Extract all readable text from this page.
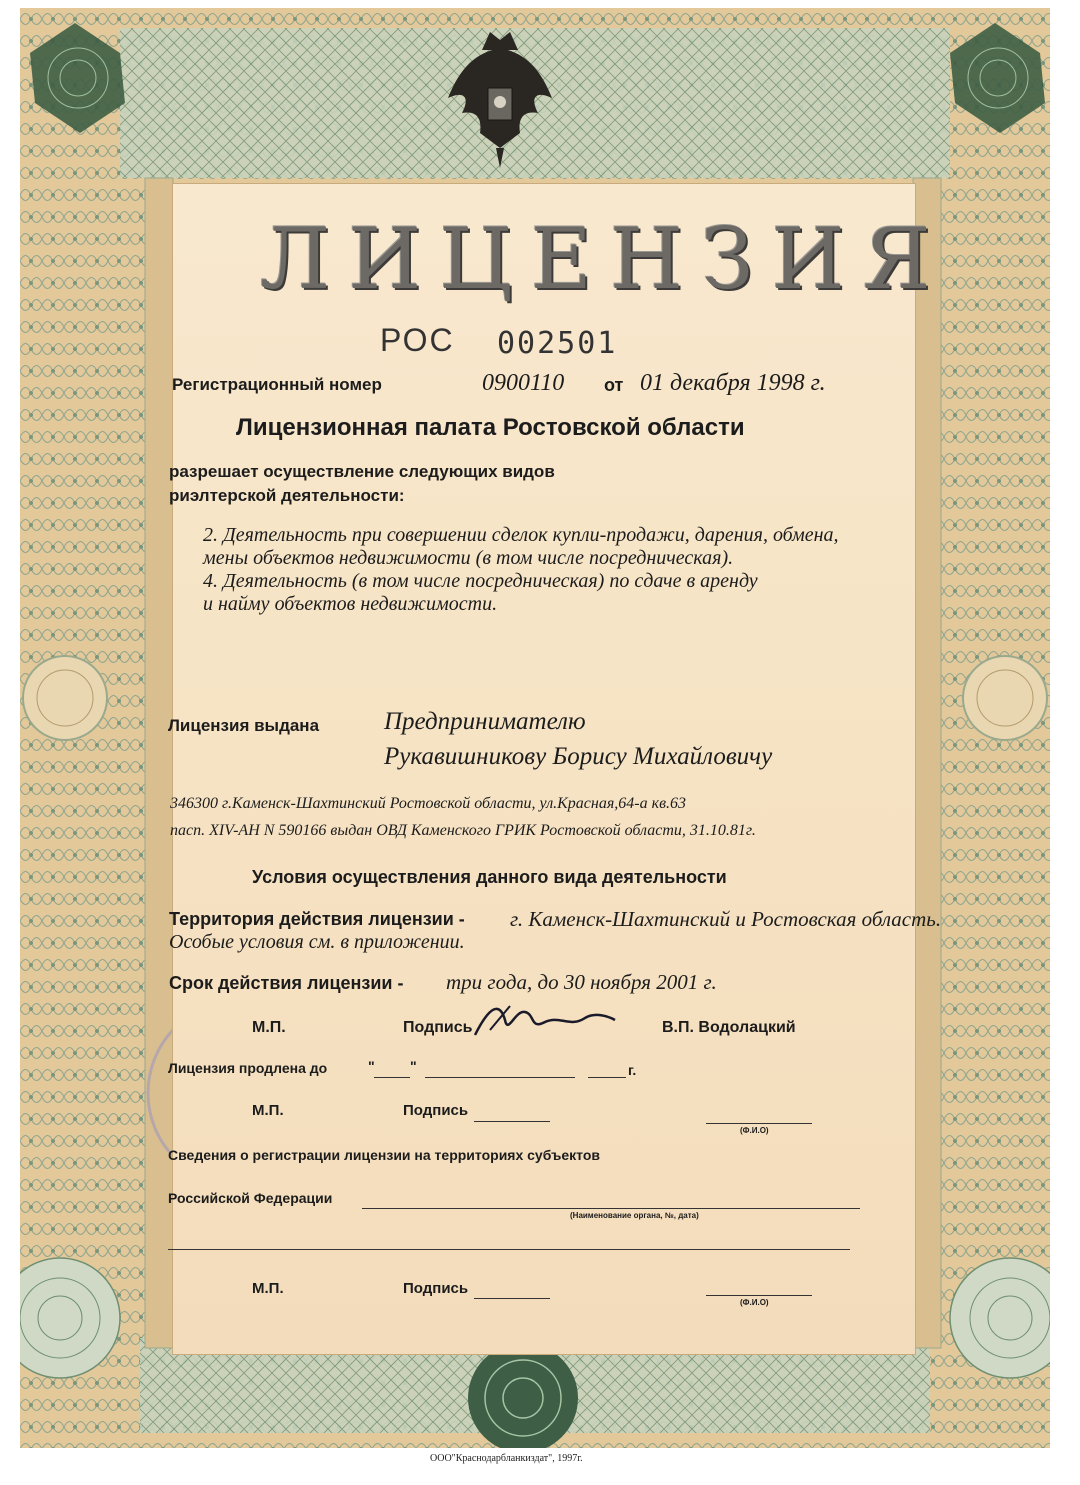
ЛИЦЕНЗИЯ
РОС 002501
Регистрационный номер	0900110 от 01 декабря 1998 г.
Лицензионная палата Ростовской области
разрешает осуществление следующих видов
риэлтерской деятельности:
2. Деятельность при совершении сделок купли-продажи, дарения, обмена,
мены объектов недвижимости (в том числе посредническая).
4. Деятельность (в том числе посредническая) по сдаче в аренду
и найму объектов недвижимости.
Лицензия выдана	Предпринимателю
Рукавишникову Борису Михайловичу
346300 г.Каменск-Шахтинский Ростовской области, ул.Красная,64-а кв.63
пасп. XIV-AH N 590166 выдан ОВД Каменского ГРИК Ростовской области, 31.10.81г.
Условия осуществления данного вида деятельности
Территория действия лицензии - г. Каменск-Шахтинский и Ростовская область.
Особые условия см. в приложении.
Срок действия лицензии - три года, до 30 ноября 2001 г.
М.П.	Подпись	В.П. Водолацкий
Лицензия продлена до	"	"	г.
М.П.	Подпись
(Ф.И.О)
Сведения о регистрации лицензии на территориях субъектов
Российской Федерации
(Наименование органа, №, дата)
М.П.	Подпись
(Ф.И.О)
ООО"Краснодарбланкиздат", 1997г.
